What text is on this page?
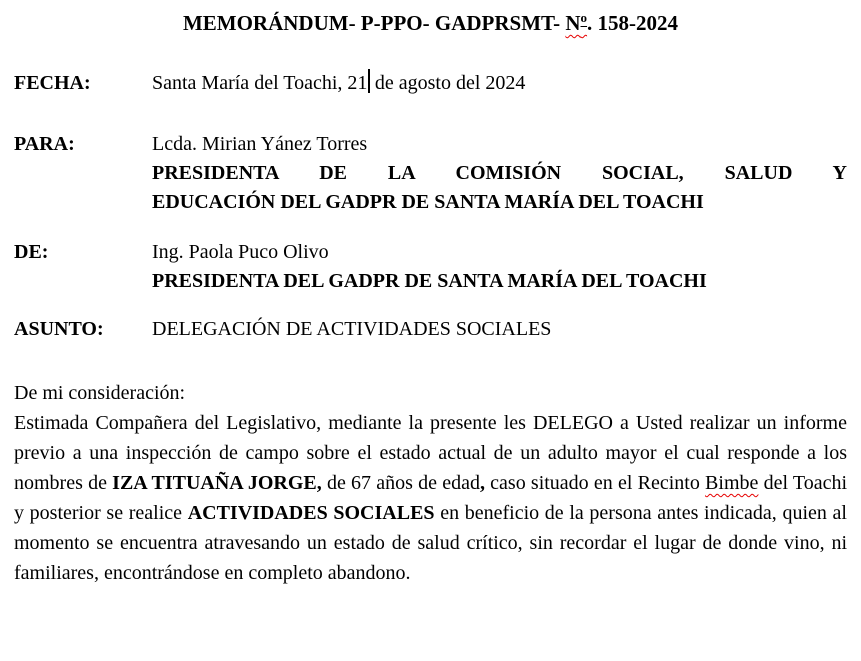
MEMORÁNDUM- P-PPO- GADPRSMT- $N^o$. 158-2024
FECHA:	Santa María del Toachi, 21 de agosto del 2024
PARA:	Lcda. Mirian Yánez Torres
PRESIDENTA DE LA COMISIÓN SOCIAL, SALUD Y
EDUCACIÓN DEL GADPR DE SANTA MARÍA DEL TOACHI
DE:	Ing. Paola Puco Olivo
PRESIDENTA DEL GADPR DE SANTA MARÍA DEL TOACHI
ASUNTO:	DELEGACIÓN DE ACTIVIDADES SOCIALES

De mi consideración:

Estimada Compañera del Legislativo, mediante la presente les DELEGO a Usted realizar un informe previo a una inspección de campo sobre el estado actual de un adulto mayor el cual responde a los nombres de IZA TITUAÑA JORGE, de 67 años de edad, caso situado en el Recinto Bimbe del Toachi y posterior se realice ACTIVIDADES SOCIALES en beneficio de la persona antes indicada, quien al momento se encuentra atravesando un estado de salud crítico, sin recordar el lugar de donde vino, ni familiares, encontrándose en completo abandono.
